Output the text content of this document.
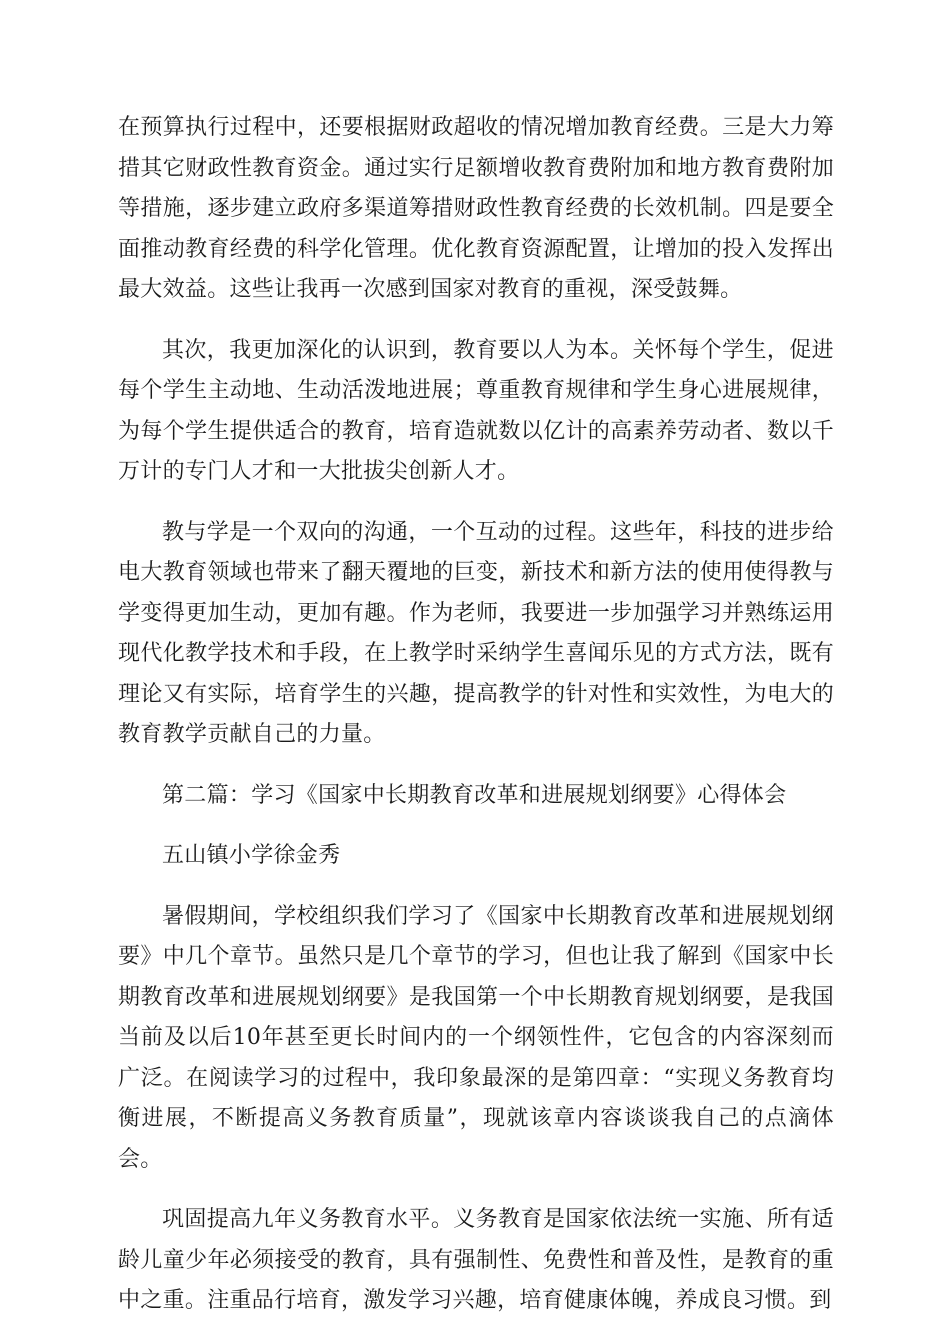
在预算执行过程中，还要根据财政超收的情况增加教育经费。三是大力筹措其它财政性教育资金。通过实行足额增收教育费附加和地方教育费附加等措施，逐步建立政府多渠道筹措财政性教育经费的长效机制。四是要全面推动教育经费的科学化管理。优化教育资源配置，让增加的投入发挥出最大效益。这些让我再一次感到国家对教育的重视，深受鼓舞。

其次，我更加深化的认识到，教育要以人为本。关怀每个学生，促进每个学生主动地、生动活泼地进展；尊重教育规律和学生身心进展规律，为每个学生提供适合的教育，培育造就数以亿计的高素养劳动者、数以千万计的专门人才和一大批拔尖创新人才。

教与学是一个双向的沟通，一个互动的过程。这些年，科技的进步给电大教育领域也带来了翻天覆地的巨变，新技术和新方法的使用使得教与学变得更加生动，更加有趣。作为老师，我要进一步加强学习并熟练运用现代化教学技术和手段，在上教学时采纳学生喜闻乐见的方式方法，既有理论又有实际，培育学生的兴趣，提高教学的针对性和实效性，为电大的教育教学贡献自己的力量。

第二篇：学习《国家中长期教育改革和进展规划纲要》心得体会

五山镇小学徐金秀

暑假期间，学校组织我们学习了《国家中长期教育改革和进展规划纲要》中几个章节。虽然只是几个章节的学习，但也让我了解到《国家中长期教育改革和进展规划纲要》是我国第一个中长期教育规划纲要，是我国当前及以后10年甚至更长时间内的一个纲领性件，它包含的内容深刻而广泛。在阅读学习的过程中，我印象最深的是第四章：“实现义务教育均衡进展，不断提高义务教育质量”，现就该章内容谈谈我自己的点滴体会。

巩固提高九年义务教育水平。义务教育是国家依法统一实施、所有适龄儿童少年必须接受的教育，具有强制性、免费性和普及性，是教育的重中之重。注重品行培育，激发学习兴趣，培育健康体魄，养成良习惯。到
